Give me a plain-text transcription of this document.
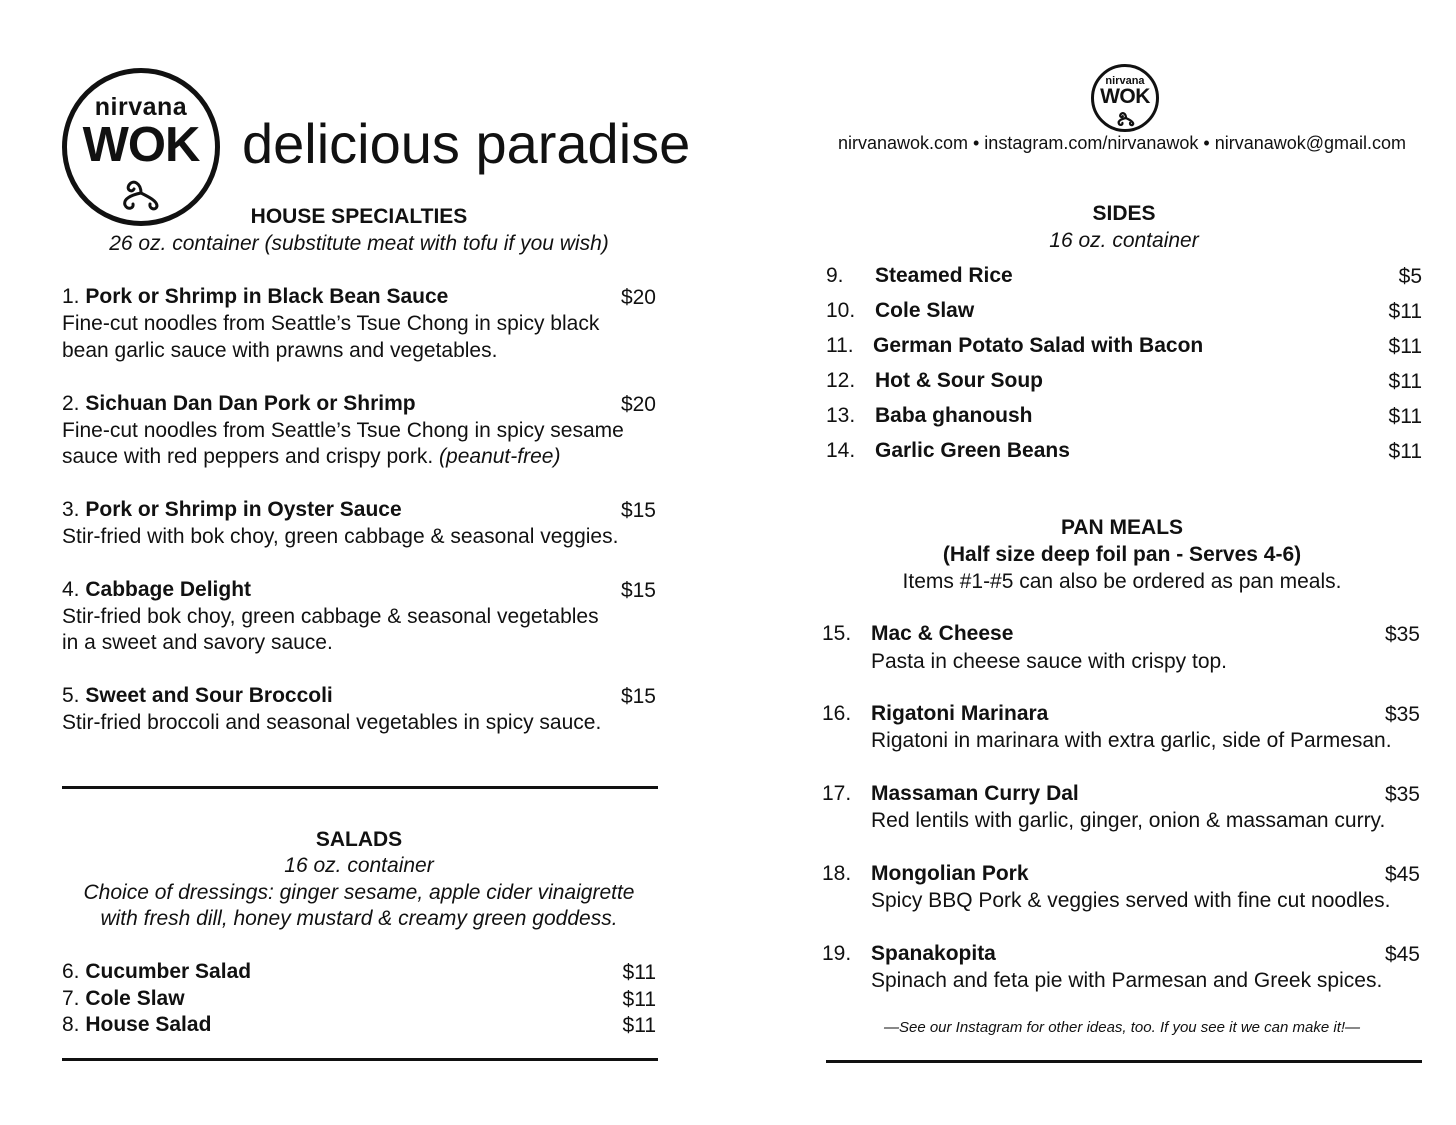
nirvana
WOK delicious paradise
nirvana
WOK
nirvanawok.com • instagram.com/nirvanawok • nirvanawok@gmail.com
HOUSE SPECIALTIES
26 oz. container (substitute meat with tofu if you wish)
1. Pork or Shrimp in Black Bean Sauce	$20
Fine-cut noodles from Seattle’s Tsue Chong in spicy black
bean garlic sauce with prawns and vegetables.
2. Sichuan Dan Dan Pork or Shrimp	$20
Fine-cut noodles from Seattle’s Tsue Chong in spicy sesame
sauce with red peppers and crispy pork. (peanut-free)
3. Pork or Shrimp in Oyster Sauce	$15
Stir-fried with bok choy, green cabbage & seasonal veggies.
4. Cabbage Delight	$15
Stir-fried bok choy, green cabbage & seasonal vegetables
in a sweet and savory sauce.
5. Sweet and Sour Broccoli	$15
Stir-fried broccoli and seasonal vegetables in spicy sauce.
SALADS
16 oz. container
Choice of dressings: ginger sesame, apple cider vinaigrette
with fresh dill, honey mustard & creamy green goddess.
6. Cucumber Salad	$11
7. Cole Slaw	$11
8. House Salad	$11
SIDES
16 oz. container
9. Steamed Rice	$5
10. Cole Slaw	$11
11. German Potato Salad with Bacon	$11
12. Hot & Sour Soup	$11
13. Baba ghanoush	$11
14. Garlic Green Beans	$11
PAN MEALS
(Half size deep foil pan - Serves 4-6)
Items #1-#5 can also be ordered as pan meals.
15. Mac & Cheese	$35
Pasta in cheese sauce with crispy top.
16. Rigatoni Marinara	$35
Rigatoni in marinara with extra garlic, side of Parmesan.
17. Massaman Curry Dal	$35
Red lentils with garlic, ginger, onion & massaman curry.
18. Mongolian Pork	$45
Spicy BBQ Pork & veggies served with fine cut noodles.
19. Spanakopita	$45
Spinach and feta pie with Parmesan and Greek spices.
—See our Instagram for other ideas, too. If you see it we can make it!—
